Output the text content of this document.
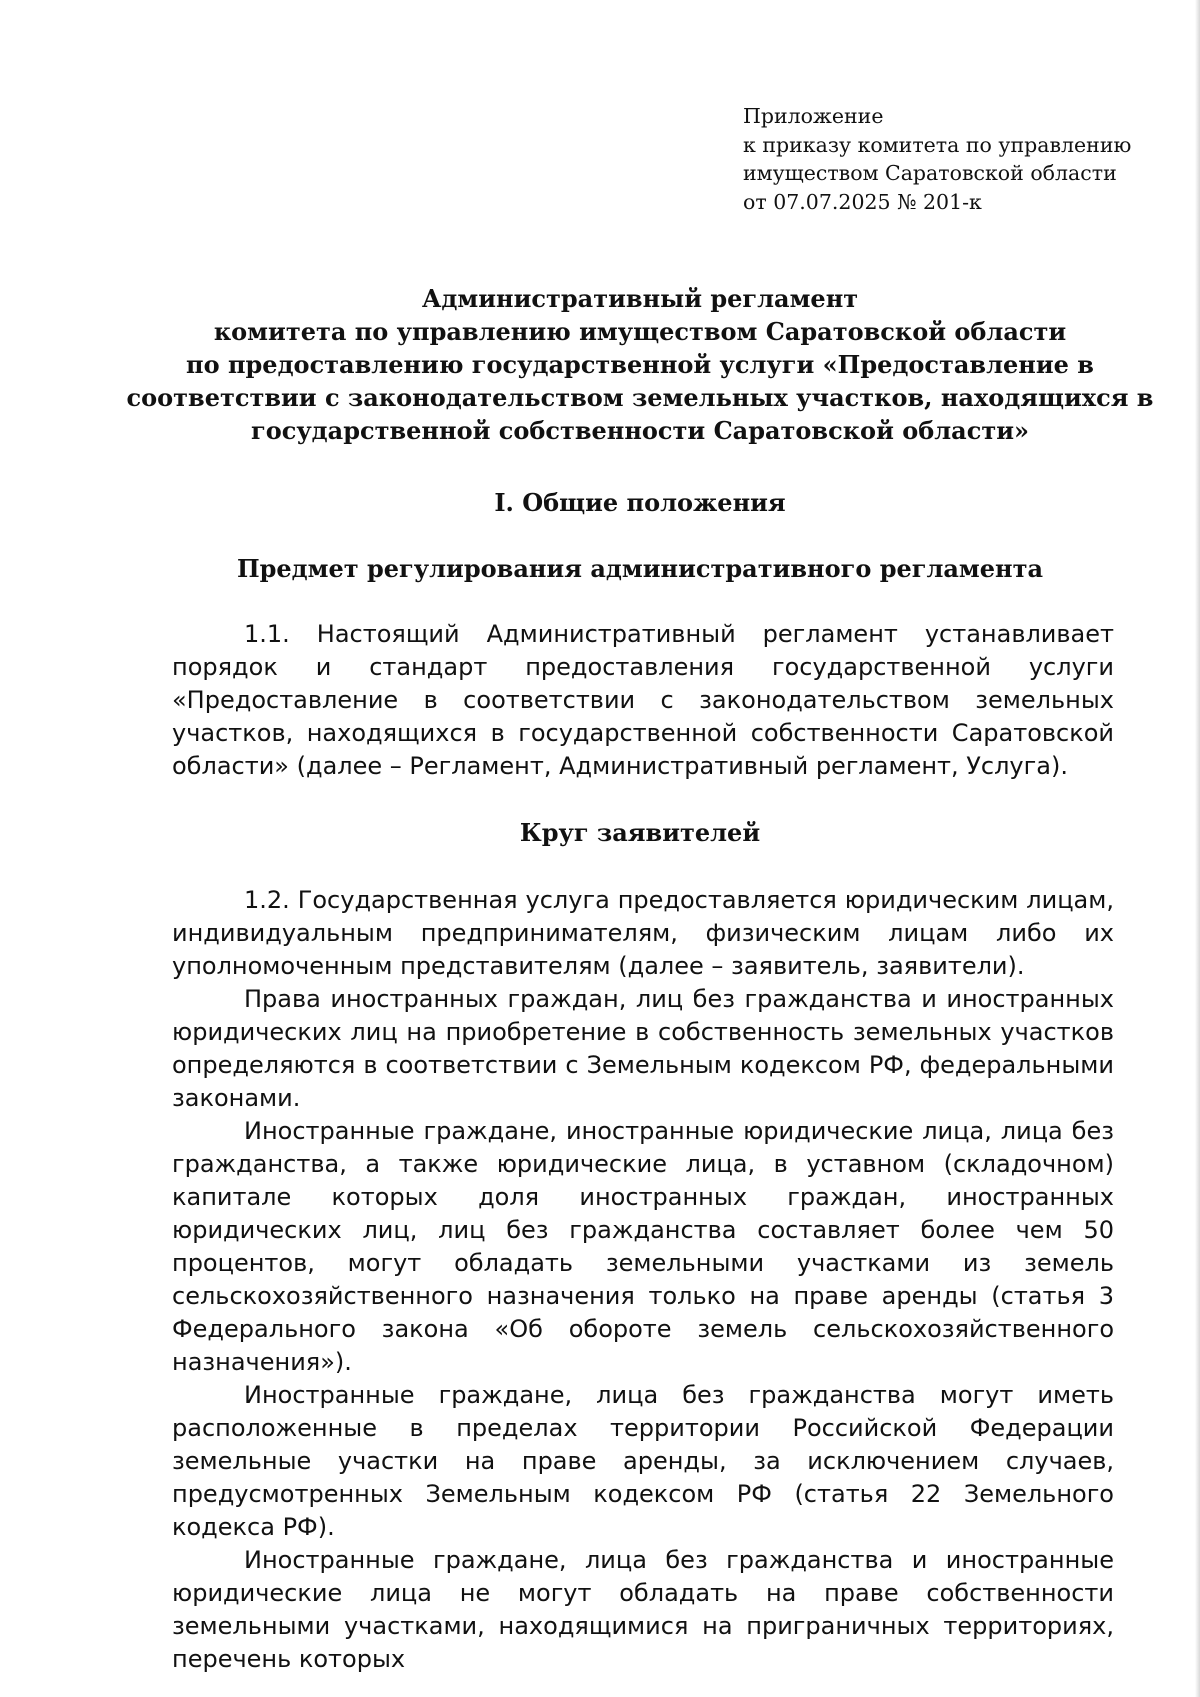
Приложение
к приказу комитета по управлению
имуществом Саратовской области
от 07.07.2025 № 201-к
Административный регламент
комитета по управлению имуществом Саратовской области
по предоставлению государственной услуги «Предоставление в
соответствии с законодательством земельных участков, находящихся в
государственной собственности Саратовской области»
I. Общие положения
Предмет регулирования административного регламента

1.1. Настоящий Административный регламент устанавливает порядок и стандарт предоставления государственной услуги «Предоставление в соответствии с законодательством земельных участков, находящихся в государственной собственности Саратовской области» (далее – Регламент, Административный регламент, Услуга).

Круг заявителей

1.2. Государственная услуга предоставляется юридическим лицам, индивидуальным предпринимателям, физическим лицам либо их уполномоченным представителям (далее – заявитель, заявители).

Права иностранных граждан, лиц без гражданства и иностранных юридических лиц на приобретение в собственность земельных участков определяются в соответствии с Земельным кодексом РФ, федеральными законами.

Иностранные граждане, иностранные юридические лица, лица без гражданства, а также юридические лица, в уставном (складочном) капитале которых доля иностранных граждан, иностранных юридических лиц, лиц без гражданства составляет более чем 50 процентов, могут обладать земельными участками из земель сельскохозяйственного назначения только на праве аренды (статья 3 Федерального закона «Об обороте земель сельскохозяйственного назначения»).

Иностранные граждане, лица без гражданства могут иметь расположенные в пределах территории Российской Федерации земельные участки на праве аренды, за исключением случаев, предусмотренных Земельным кодексом РФ (статья 22 Земельного кодекса РФ).

Иностранные граждане, лица без гражданства и иностранные юридические лица не могут обладать на праве собственности земельными участками, находящимися на приграничных территориях, перечень которых
